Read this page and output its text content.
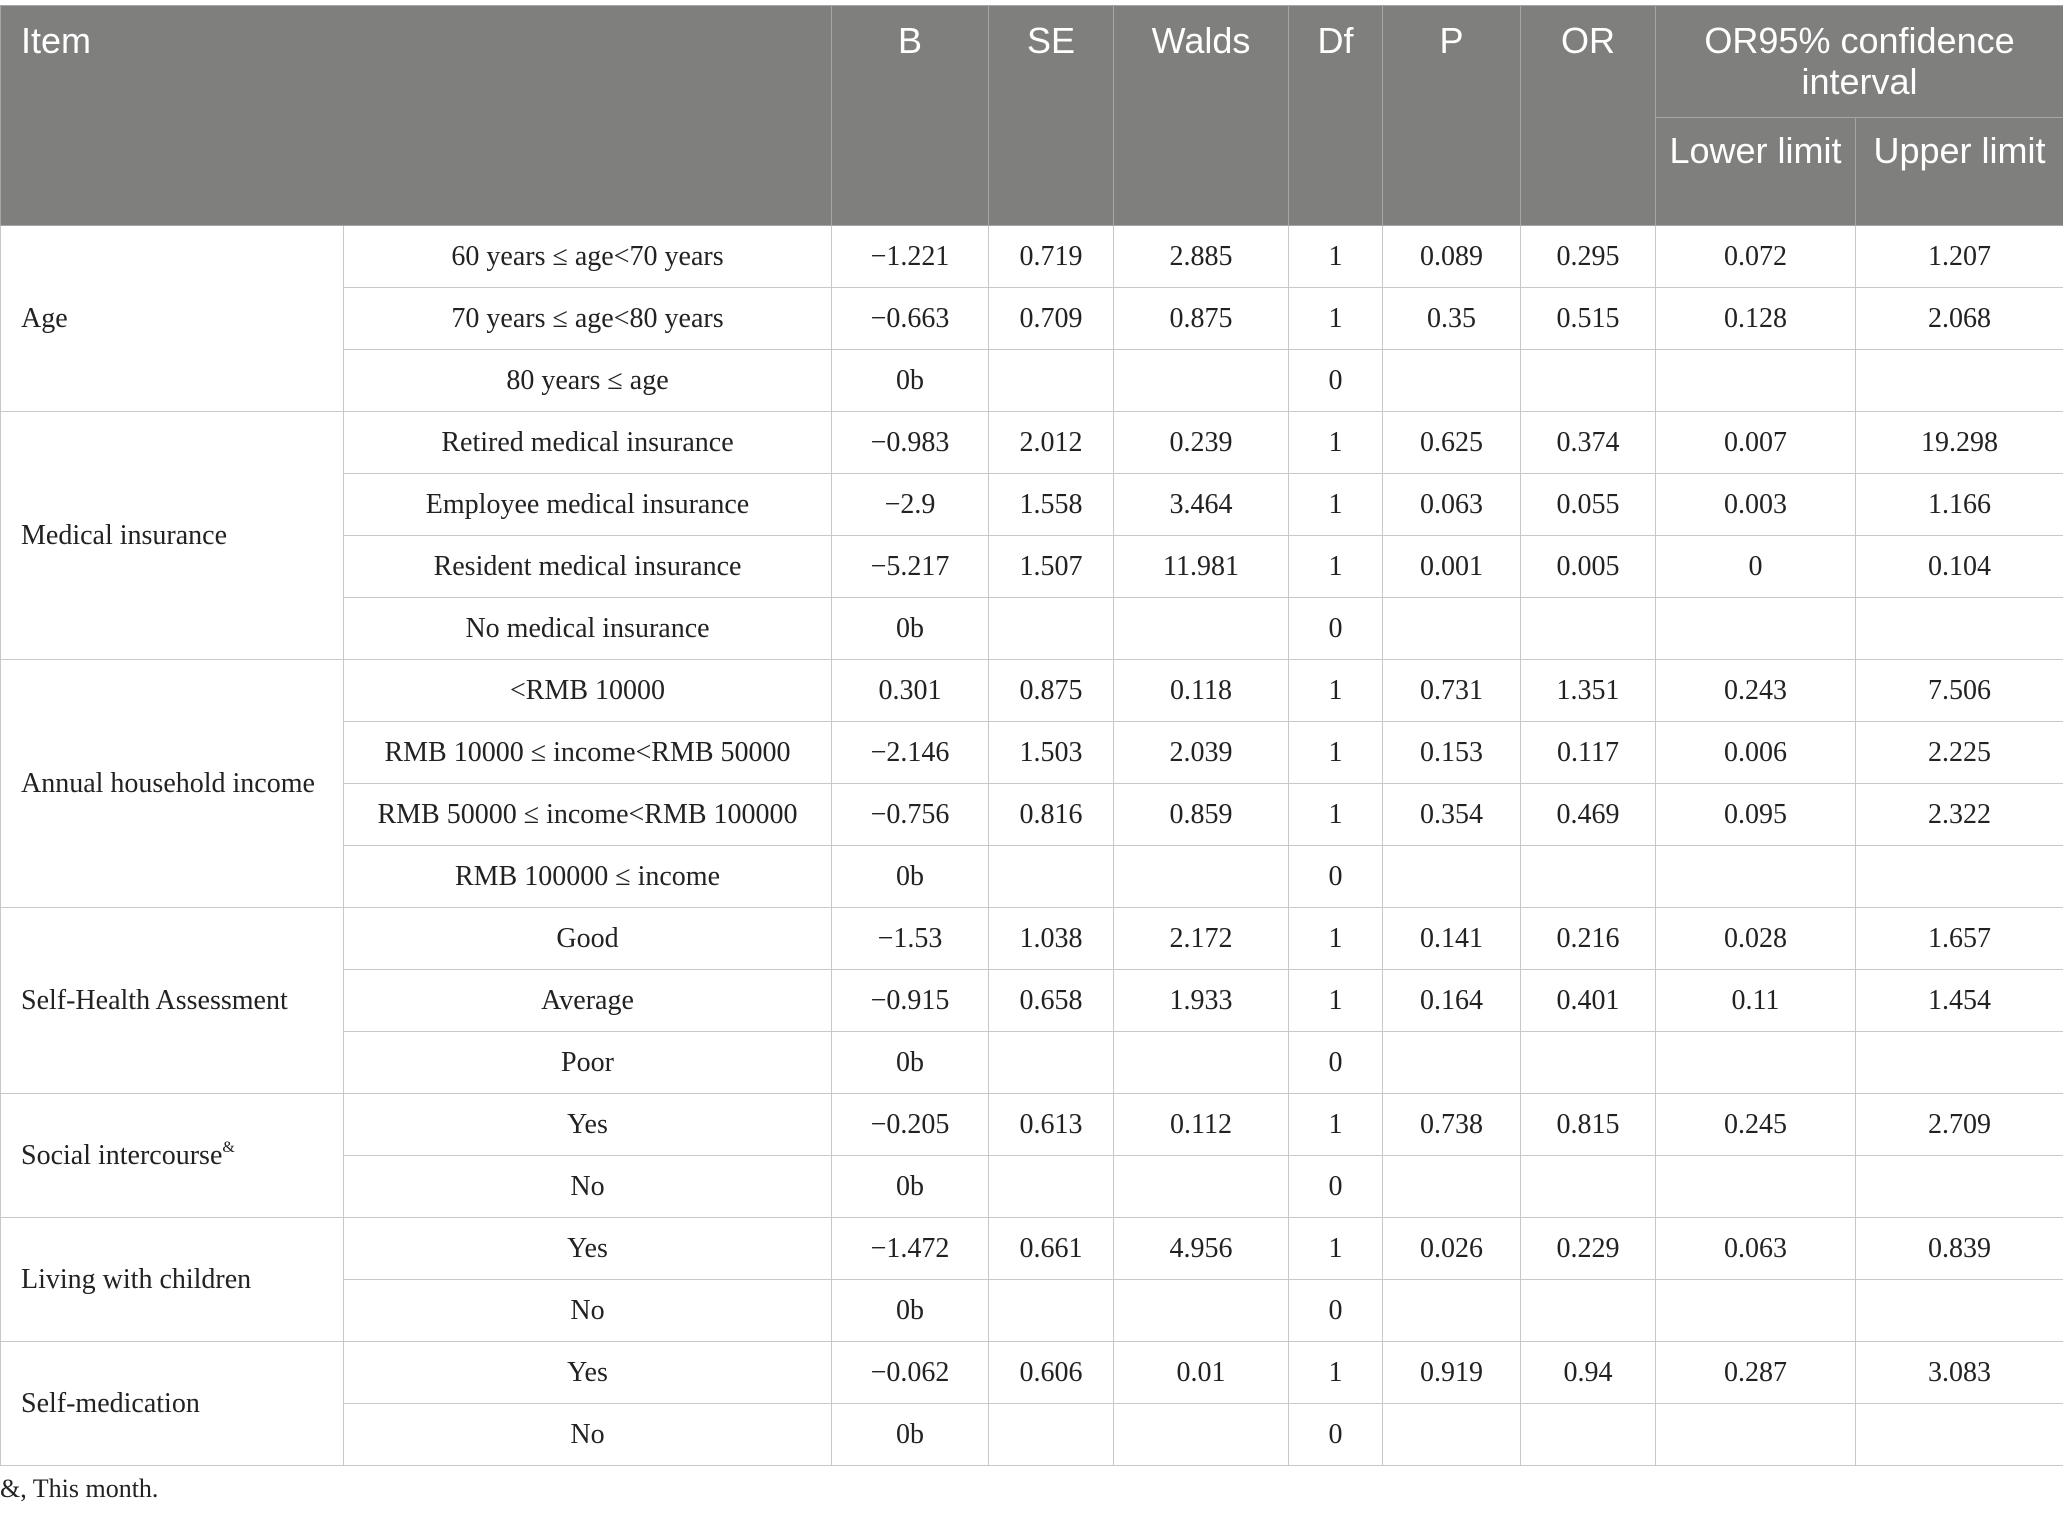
Item		B	SE	Walds	Df	P	OR	OR95% confidence interval	
								Lower limit	Upper limit
Age	60 years ≤ age<70 years	−1.221	0.719	2.885	1	0.089	0.295	0.072	1.207
	70 years ≤ age<80 years	−0.663	0.709	0.875	1	0.35	0.515	0.128	2.068
	80 years ≤ age	0b			0				
Medical insurance	Retired medical insurance	−0.983	2.012	0.239	1	0.625	0.374	0.007	19.298
	Employee medical insurance	−2.9	1.558	3.464	1	0.063	0.055	0.003	1.166
	Resident medical insurance	−5.217	1.507	11.981	1	0.001	0.005	0	0.104
	No medical insurance	0b			0				
Annual household income	<RMB 10000	0.301	0.875	0.118	1	0.731	1.351	0.243	7.506
	RMB 10000 ≤ income<RMB 50000	−2.146	1.503	2.039	1	0.153	0.117	0.006	2.225
	RMB 50000 ≤ income<RMB 100000	−0.756	0.816	0.859	1	0.354	0.469	0.095	2.322
	RMB 100000 ≤ income	0b			0				
Self-Health Assessment	Good	−1.53	1.038	2.172	1	0.141	0.216	0.028	1.657
	Average	−0.915	0.658	1.933	1	0.164	0.401	0.11	1.454
	Poor	0b			0				
Social intercourse&	Yes	−0.205	0.613	0.112	1	0.738	0.815	0.245	2.709
	No	0b			0				
Living with children	Yes	−1.472	0.661	4.956	1	0.026	0.229	0.063	0.839
	No	0b			0				
Self-medication	Yes	−0.062	0.606	0.01	1	0.919	0.94	0.287	3.083
	No	0b			0				
&, This month.
